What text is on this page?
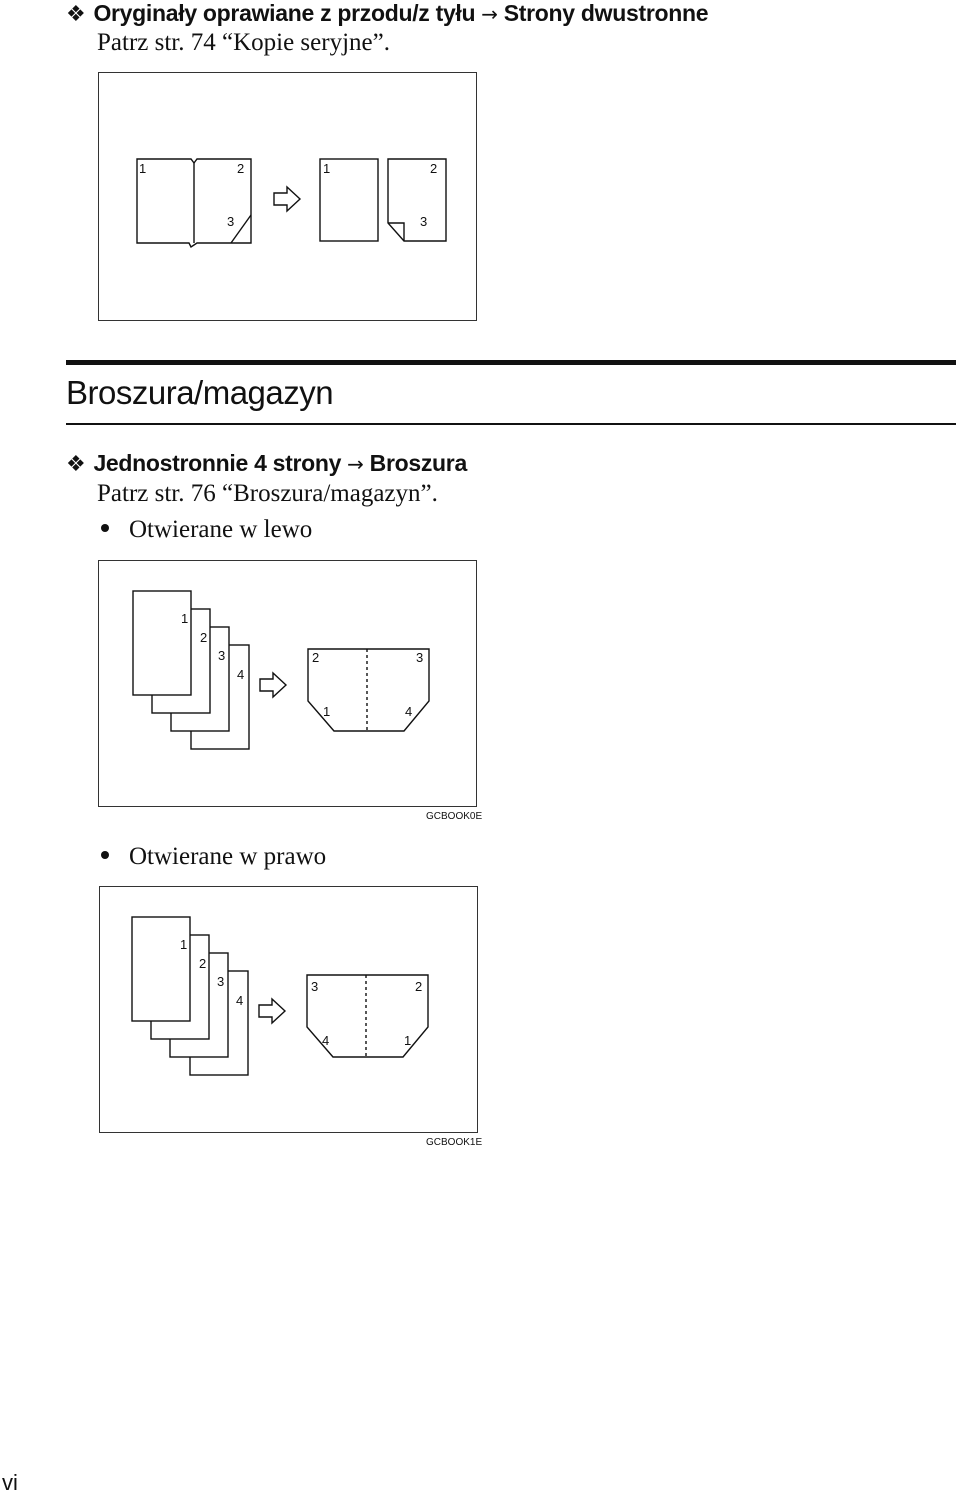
❖ Oryginały oprawiane z przodu/z tyłu → Strony dwustronne
Patrz str. 74 “Kopie seryjne”.
1	2
3
1	2
3
Broszura/magazyn
❖ Jednostronnie 4 strony → Broszura
Patrz str. 76 “Broszura/magazyn”.
Otwierane w lewo
1
2
3
4
2	3
1	4
GCBOOK0E
Otwierane w prawo
1
2
3
4
3	2
4	1
GCBOOK1E
vi
